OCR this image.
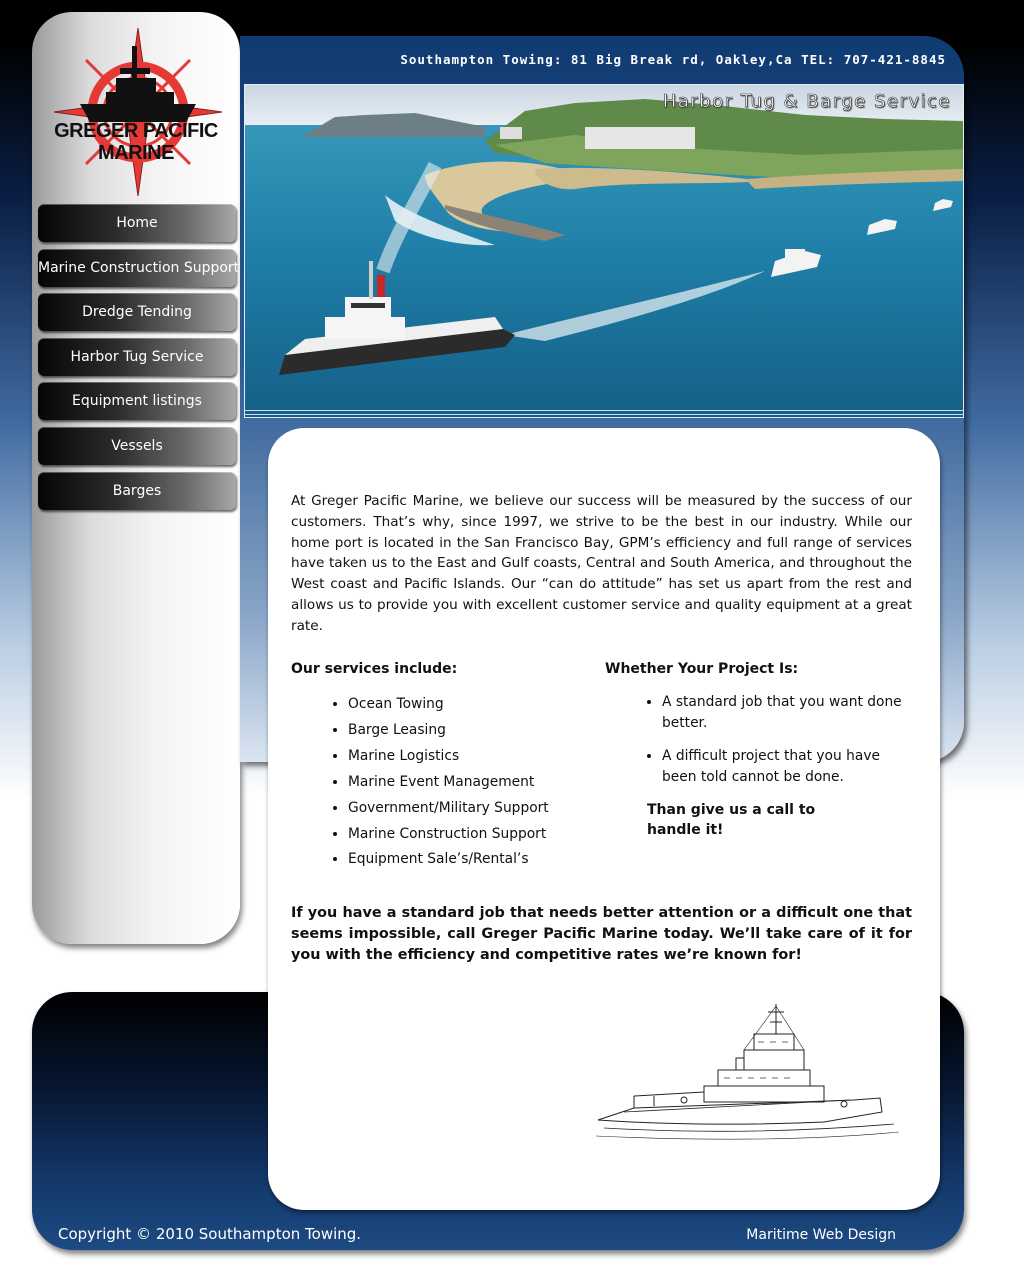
GREGER PACIFIC
MARINE
Home
Marine Construction Support
Dredge Tending
Harbor Tug Service
Equipment listings
Vessels
Barges
Southampton Towing: 81 Big Break rd, Oakley,Ca TEL: 707-421-8845
Harbor Tug & Barge Service
Copyright © 2010 Southampton Towing.	Maritime Web Design

At Greger Pacific Marine, we believe our success will be measured by the success of our customers. That’s why, since 1997, we strive to be the best in our industry. While our home port is located in the San Francisco Bay, GPM’s efficiency and full range of services have taken us to the East and Gulf coasts, Central and South America, and throughout the West coast and Pacific Islands. Our “can do attitude” has set us apart from the rest and allows us to provide you with excellent customer service and quality equipment at a great rate.

Our services include:
• Ocean Towing
• Barge Leasing
• Marine Logistics
• Marine Event Management
• Government/Military Support
• Marine Construction Support
• Equipment Sale’s/Rental’s
Whether Your Project Is:
• A standard job that you want done better.
• A difficult project that you have been told cannot be done.

Than give us a call to handle it!

If you have a standard job that needs better attention or a difficult one that seems impossible, call Greger Pacific Marine today. We’ll take care of it for you with the efficiency and competitive rates we’re known for!
